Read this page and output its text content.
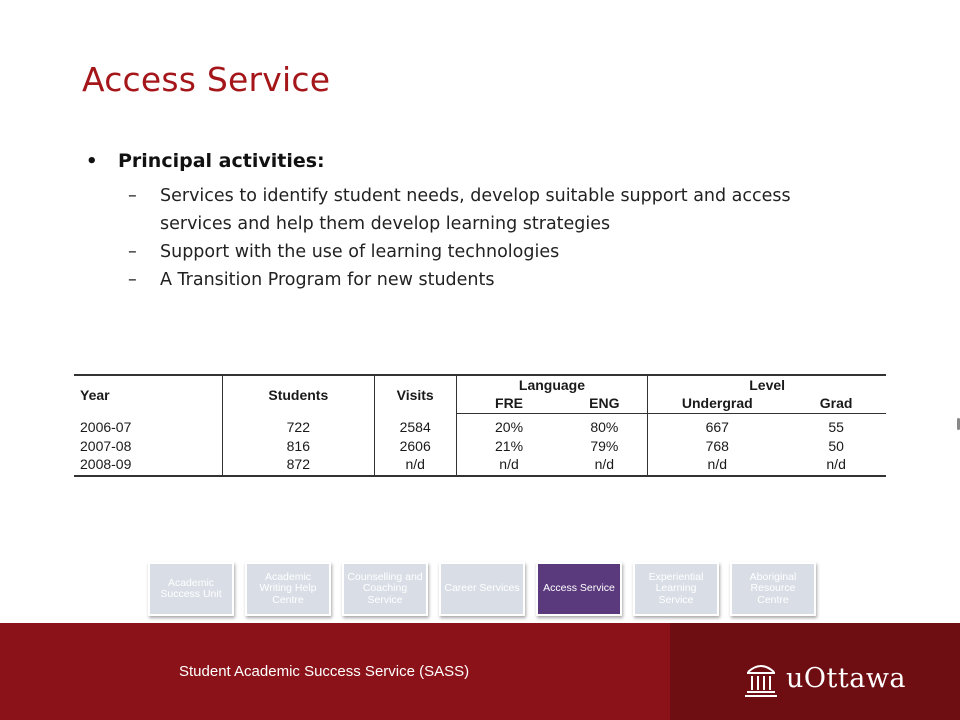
Access Service
•	Principal activities:
–	Services to identify student needs, develop suitable support and access services and help them develop learning strategies
–	Support with the use of learning technologies
–	A Transition Program for new students
Year	Students	Visits	Language		Level	
			FRE	ENG	Undergrad	Grad
2006-07	722	2584	20%	80%	667	55
2007-08	816	2606	21%	79%	768	50
2008-09	872	n/d	n/d	n/d	n/d	n/d
Academic Success Unit
Academic Writing Help Centre
Counselling and Coaching Service
Career Services	Access Service
Experiential Learning Service
Aboriginal Resource Centre
Student Academic Success Service (SASS)	uOttawa
